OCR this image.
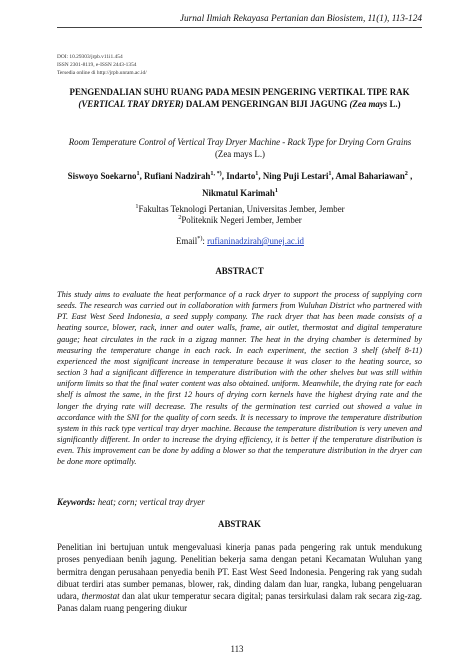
Jurnal Ilmiah Rekayasa Pertanian dan Biosistem, 11(1), 113-124
DOI: 10.29303/jrpb.v11i1.454
ISSN 2301-8119, e-ISSN 2443-1354
Tersedia online di http://jrpb.unram.ac.id/
PENGENDALIAN SUHU RUANG PADA MESIN PENGERING VERTIKAL TIPE RAK (VERTICAL TRAY DRYER) DALAM PENGERINGAN BIJI JAGUNG (Zea mays L.)
Room Temperature Control of Vertical Tray Dryer Machine - Rack Type for Drying Corn Grains (Zea mays L.)
Siswoyo Soekarno$^1$, Rufiani Nadzirah$^{1, *)}$, Indarto$^1$, Ning Puji Lestari$^1$, Amal Bahariawan$^2$ , Nikmatul Karimah$^1$
$^1$Fakultas Teknologi Pertanian, Universitas Jember, Jember
$^2$Politeknik Negeri Jember, Jember
Email*): rufianinadzirah@unej.ac.id
ABSTRACT
This study aims to evaluate the heat performance of a rack dryer to support the process of supplying corn seeds. The research was carried out in collaboration with farmers from Wuluhan District who partnered with PT. East West Seed Indonesia, a seed supply company. The rack dryer that has been made consists of a heating source, blower, rack, inner and outer walls, frame, air outlet, thermostat and digital temperature gauge; heat circulates in the rack in a zigzag manner. The heat in the drying chamber is determined by measuring the temperature change in each rack. In each experiment, the section 3 shelf (shelf 8-11) experienced the most significant increase in temperature because it was closer to the heating source, so section 3 had a significant difference in temperature distribution with the other shelves but was still within uniform limits so that the final water content was also obtained. uniform. Meanwhile, the drying rate for each shelf is almost the same, in the first 12 hours of drying corn kernels have the highest drying rate and the longer the drying rate will decrease. The results of the germination test carried out showed a value in accordance with the SNI for the quality of corn seeds. It is necessary to improve the temperature distribution system in this rack type vertical tray dryer machine. Because the temperature distribution is very uneven and significantly different. In order to increase the drying efficiency, it is better if the temperature distribution is even. This improvement can be done by adding a blower so that the temperature distribution in the dryer can be done more optimally.
Keywords: heat; corn; vertical tray dryer
ABSTRAK
Penelitian ini bertujuan untuk mengevaluasi kinerja panas pada pengering rak untuk mendukung proses penyediaan benih jagung. Penelitian bekerja sama dengan petani Kecamatan Wuluhan yang bermitra dengan perusahaan penyedia benih PT. East West Seed Indonesia. Pengering rak yang sudah dibuat terdiri atas sumber pemanas, blower, rak, dinding dalam dan luar, rangka, lubang pengeluaran udara, thermostat dan alat ukur temperatur secara digital; panas tersirkulasi dalam rak secara zig-zag. Panas dalam ruang pengering diukur
113
